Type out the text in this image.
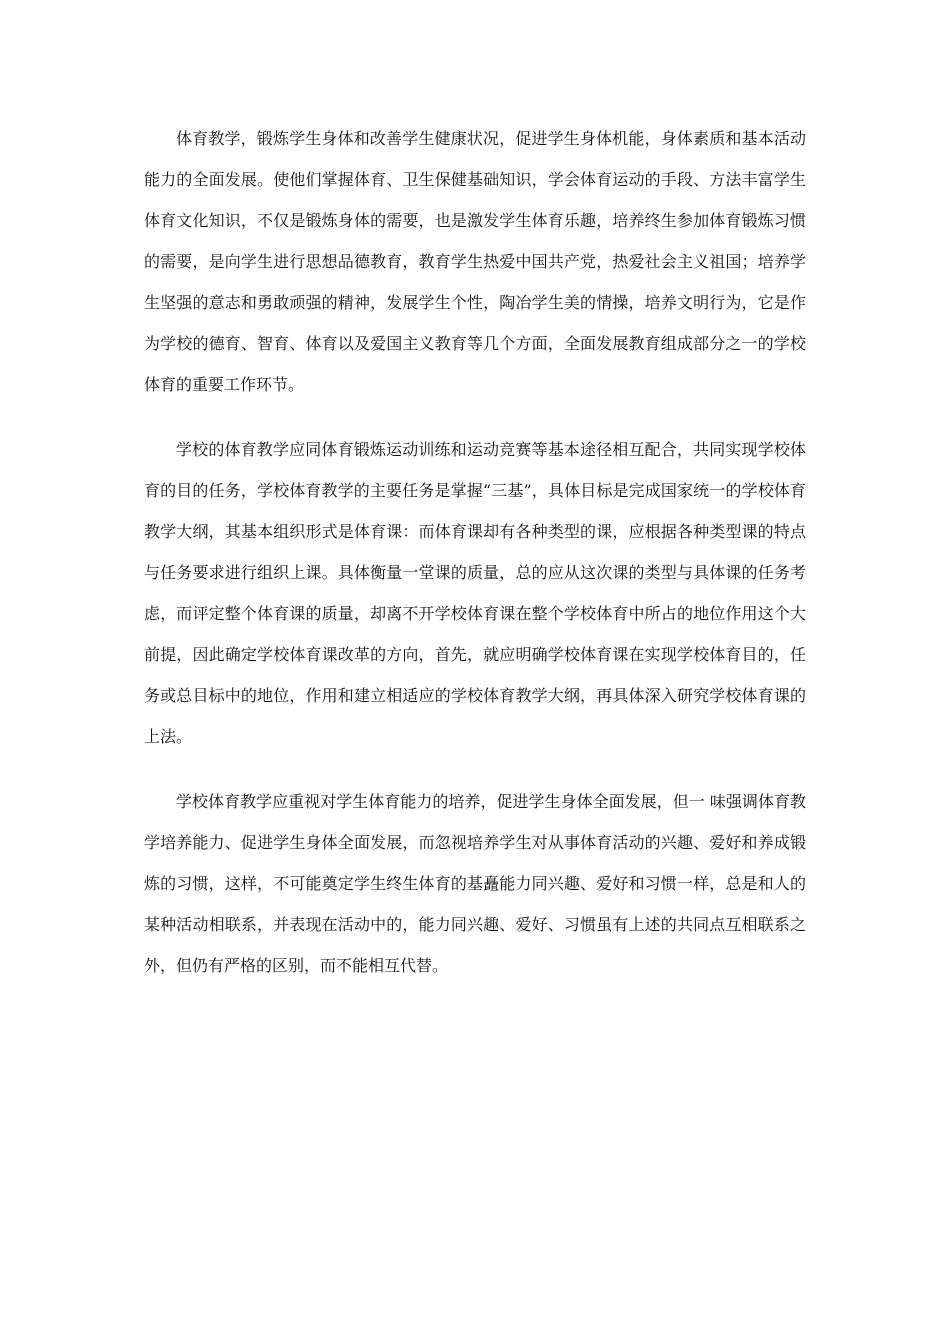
体育教学，锻炼学生身体和改善学生健康状况，促进学生身体机能，身体素质和基本活动能力的全面发展。使他们掌握体育、卫生保健基础知识，学会体育运动的手段、方法丰富学生体育文化知识，不仅是锻炼身体的需要，也是激发学生体育乐趣，培养终生参加体育锻炼习惯的需要，是向学生进行思想品德教育，教育学生热爱中国共产党，热爱社会主义祖国；培养学生坚强的意志和勇敢顽强的精神，发展学生个性，陶冶学生美的情操，培养文明行为，它是作为学校的德育、智育、体育以及爱国主义教育等几个方面，全面发展教育组成部分之一的学校体育的重要工作环节。

学校的体育教学应同体育锻炼运动训练和运动竞赛等基本途径相互配合，共同实现学校体育的目的任务，学校体育教学的主要任务是掌握“三基”，具体目标是完成国家统一的学校体育教学大纲，其基本组织形式是体育课：而体育课却有各种类型的课，应根据各种类型课的特点与任务要求进行组织上课。具体衡量一堂课的质量，总的应从这次课的类型与具体课的任务考虑，而评定整个体育课的质量，却离不开学校体育课在整个学校体育中所占的地位作用这个大前提，因此确定学校体育课改革的方向，首先，就应明确学校体育课在实现学校体育目的，任务或总目标中的地位，作用和建立相适应的学校体育教学大纲，再具体深入研究学校体育课的上法。

学校体育教学应重视对学生体育能力的培养，促进学生身体全面发展，但一 味强调体育教学培养能力、促进学生身体全面发展，而忽视培养学生对从事体育活动的兴趣、爱好和养成锻炼的习惯，这样，不可能奠定学生终生体育的基矗能力同兴趣、爱好和习惯一样，总是和人的某种活动相联系，并表现在活动中的，能力同兴趣、爱好、习惯虽有上述的共同点互相联系之外，但仍有严格的区别，而不能相互代替。
